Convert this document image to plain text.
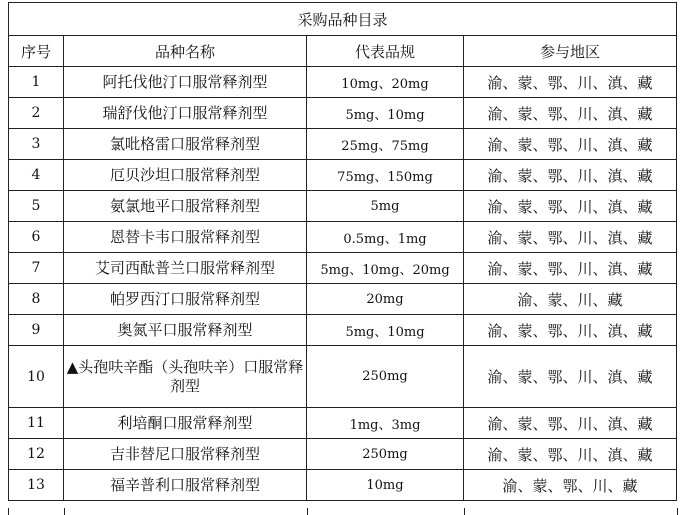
采购品种目录			
序号	品种名称	代表品规	参与地区
1	阿托伐他汀口服常释剂型	10mg、20mg	渝、蒙、鄂、川、滇、藏
2	瑞舒伐他汀口服常释剂型	5mg、10mg	渝、蒙、鄂、川、滇、藏
3	氯吡格雷口服常释剂型	25mg、75mg	渝、蒙、鄂、川、滇、藏
4	厄贝沙坦口服常释剂型	75mg、150mg	渝、蒙、鄂、川、滇、藏
5	氨氯地平口服常释剂型	5mg	渝、蒙、鄂、川、滇、藏
6	恩替卡韦口服常释剂型	0.5mg、1mg	渝、蒙、鄂、川、滇、藏
7	艾司西酞普兰口服常释剂型	5mg、10mg、20mg	渝、蒙、鄂、川、滇、藏
8	帕罗西汀口服常释剂型	20mg	渝、蒙、川、藏
9	奥氮平口服常释剂型	5mg、10mg	渝、蒙、鄂、川、滇、藏
10	▲头孢呋辛酯（头孢呋辛）口服常释剂型	250mg	渝、蒙、鄂、川、滇、藏
11	利培酮口服常释剂型	1mg、3mg	渝、蒙、鄂、川、滇、藏
12	吉非替尼口服常释剂型	250mg	渝、蒙、鄂、川、滇、藏
13	福辛普利口服常释剂型	10mg	渝、蒙、鄂、川、藏
